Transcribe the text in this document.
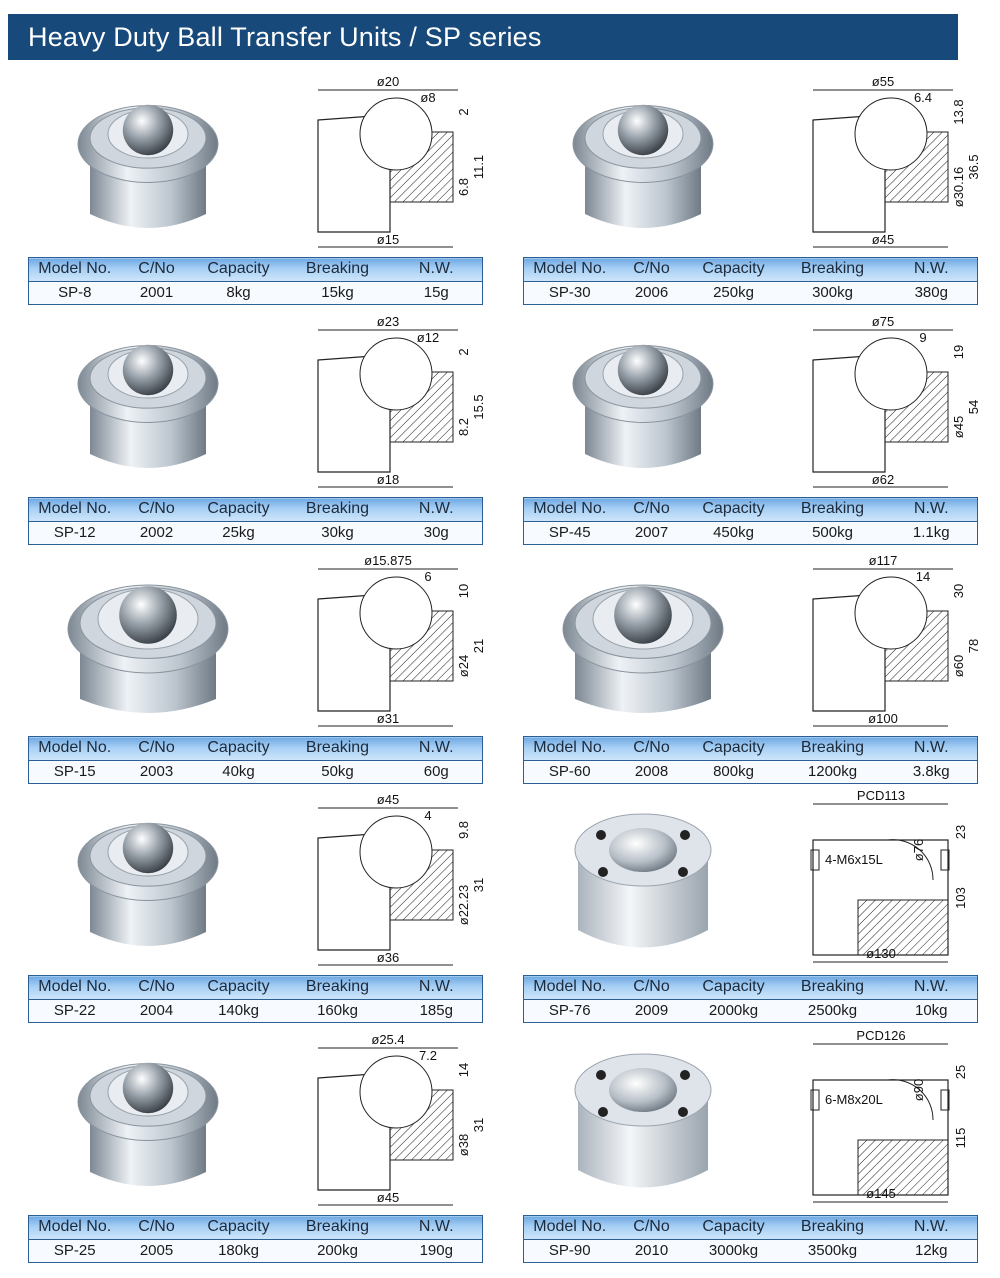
Heavy Duty Ball Transfer Units / SP series
ø20
ø8
2
11.1
6.8
ø15
Model No.	C/No	Capacity	Breaking	N.W.
SP-8	2001	8kg	15kg	15g
ø23
ø12
2
15.5
8.2
ø18
Model No.	C/No	Capacity	Breaking	N.W.
SP-12	2002	25kg	30kg	30g
ø15.875
6
10
21
ø24
ø31
Model No.	C/No	Capacity	Breaking	N.W.
SP-15	2003	40kg	50kg	60g
ø45
4
9.8
31
ø22.23
ø36
Model No.	C/No	Capacity	Breaking	N.W.
SP-22	2004	140kg	160kg	185g
ø25.4
7.2
14
31
ø38
ø45
Model No.	C/No	Capacity	Breaking	N.W.
SP-25	2005	180kg	200kg	190g
ø55
6.4
13.8
36.5
ø30.16
ø45
Model No.	C/No	Capacity	Breaking	N.W.
SP-30	2006	250kg	300kg	380g
ø75
9
19
54
ø45
ø62
Model No.	C/No	Capacity	Breaking	N.W.
SP-45	2007	450kg	500kg	1.1kg
ø117
14
30
78
ø60
ø100
Model No.	C/No	Capacity	Breaking	N.W.
SP-60	2008	800kg	1200kg	3.8kg
PCD113
ø76
23
103
4-M6x15L
ø130
Model No.	C/No	Capacity	Breaking	N.W.
SP-76	2009	2000kg	2500kg	10kg
PCD126
ø90
25
115
6-M8x20L
ø145
Model No.	C/No	Capacity	Breaking	N.W.
SP-90	2010	3000kg	3500kg	12kg
